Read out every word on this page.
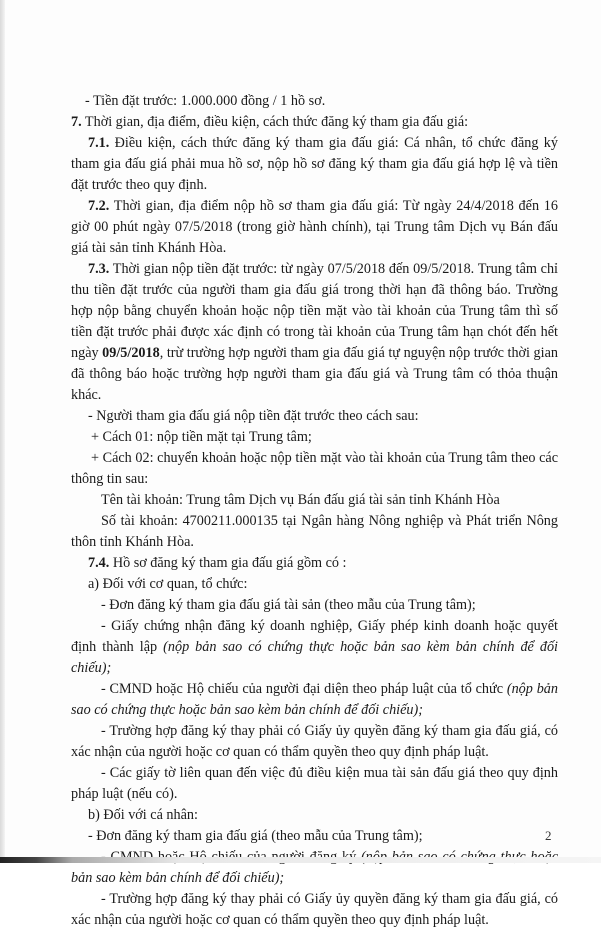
- Tiền đặt trước: 1.000.000 đồng / 1 hồ sơ.

7. Thời gian, địa điểm, điều kiện, cách thức đăng ký tham gia đấu giá:

7.1. Điều kiện, cách thức đăng ký tham gia đấu giá: Cá nhân, tổ chức đăng ký tham gia đấu giá phải mua hồ sơ, nộp hồ sơ đăng ký tham gia đấu giá hợp lệ và tiền đặt trước theo quy định.

7.2. Thời gian, địa điểm nộp hồ sơ tham gia đấu giá: Từ ngày 24/4/2018 đến 16 giờ 00 phút ngày 07/5/2018 (trong giờ hành chính), tại Trung tâm Dịch vụ Bán đấu giá tài sản tỉnh Khánh Hòa.

7.3. Thời gian nộp tiền đặt trước: từ ngày 07/5/2018 đến 09/5/2018. Trung tâm chỉ thu tiền đặt trước của người tham gia đấu giá trong thời hạn đã thông báo. Trường hợp nộp bằng chuyển khoản hoặc nộp tiền mặt vào tài khoản của Trung tâm thì số tiền đặt trước phải được xác định có trong tài khoản của Trung tâm hạn chót đến hết ngày 09/5/2018, trừ trường hợp người tham gia đấu giá tự nguyện nộp trước thời gian đã thông báo hoặc trường hợp người tham gia đấu giá và Trung tâm có thỏa thuận khác.

- Người tham gia đấu giá nộp tiền đặt trước theo cách sau:

+ Cách 01: nộp tiền mặt tại Trung tâm;

+ Cách 02: chuyển khoản hoặc nộp tiền mặt vào tài khoản của Trung tâm theo các thông tin sau:

Tên tài khoản: Trung tâm Dịch vụ Bán đấu giá tài sản tỉnh Khánh Hòa

Số tài khoản: 4700211.000135 tại Ngân hàng Nông nghiệp và Phát triển Nông thôn tỉnh Khánh Hòa.

7.4. Hồ sơ đăng ký tham gia đấu giá gồm có :

a) Đối với cơ quan, tổ chức:

- Đơn đăng ký tham gia đấu giá tài sản (theo mẫu của Trung tâm);

- Giấy chứng nhận đăng ký doanh nghiệp, Giấy phép kinh doanh hoặc quyết định thành lập (nộp bản sao có chứng thực hoặc bản sao kèm bản chính để đối chiếu);

- CMND hoặc Hộ chiếu của người đại diện theo pháp luật của tổ chức (nộp bản sao có chứng thực hoặc bản sao kèm bản chính để đối chiếu);

- Trường hợp đăng ký thay phải có Giấy ủy quyền đăng ký tham gia đấu giá, có xác nhận của người hoặc cơ quan có thẩm quyền theo quy định pháp luật.

- Các giấy tờ liên quan đến việc đủ điều kiện mua tài sản đấu giá theo quy định pháp luật (nếu có).

b) Đối với cá nhân:

- Đơn đăng ký tham gia đấu giá (theo mẫu của Trung tâm);

bản sao kèm bản chính để đối chiếu);

- Trường hợp đăng ký thay phải có Giấy ủy quyền đăng ký tham gia đấu giá, có xác nhận của người hoặc cơ quan có thẩm quyền theo quy định pháp luật.

2
